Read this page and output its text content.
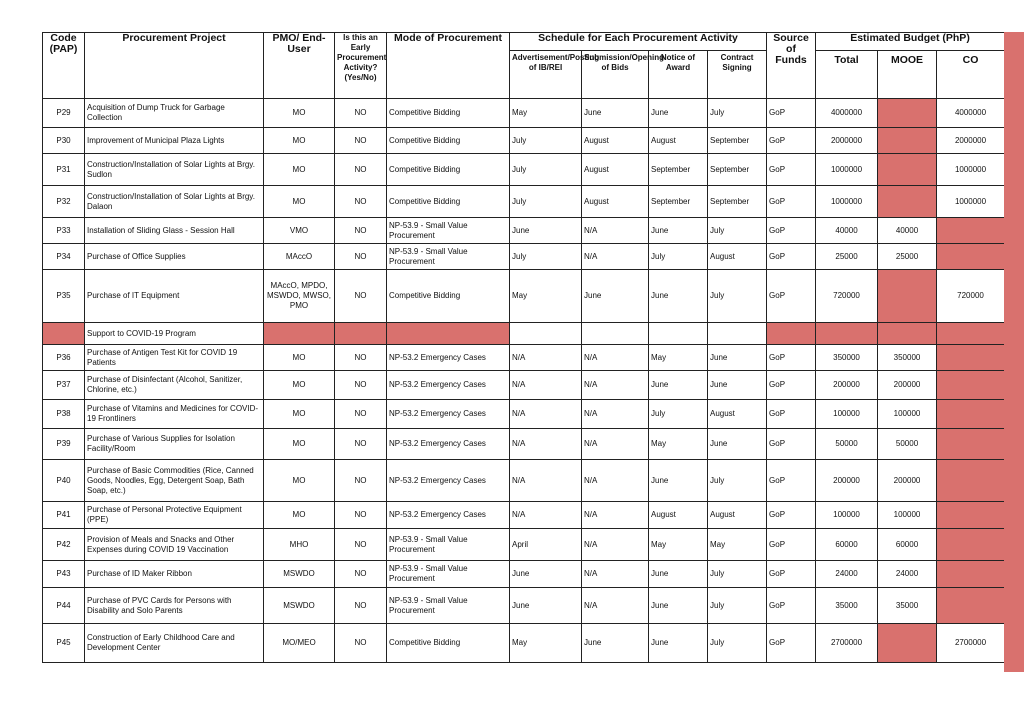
Code (PAP)	Procurement Project	PMO/ End-User	Is this an Early Procurement Activity? (Yes/No)	Mode of Procurement	Schedule for Each Procurement Activity				Source of Funds	Estimated Budget (PhP)		
					Advertisement/Posting of IB/REI	Submission/Opening of Bids	Notice of Award	Contract Signing		Total	MOOE	CO
P29	Acquisition of Dump Truck for Garbage Collection	MO	NO	Competitive Bidding	May	June	June	July	GoP	4000000		4000000
P30	Improvement of Municipal Plaza Lights	MO	NO	Competitive Bidding	July	August	August	September	GoP	2000000		2000000
P31	Construction/Installation of Solar Lights at Brgy. Sudlon	MO	NO	Competitive Bidding	July	August	September	September	GoP	1000000		1000000
P32	Construction/Installation of Solar Lights at Brgy. Dalaon	MO	NO	Competitive Bidding	July	August	September	September	GoP	1000000		1000000
P33	Installation of Sliding Glass - Session Hall	VMO	NO	NP-53.9 - Small Value Procurement	June	N/A	June	July	GoP	40000	40000	
P34	Purchase of Office Supplies	MAccO	NO	NP-53.9 - Small Value Procurement	July	N/A	July	August	GoP	25000	25000	
P35	Purchase of IT Equipment	MAccO, MPDO, MSWDO, MWSO, PMO	NO	Competitive Bidding	May	June	June	July	GoP	720000		720000
	Support to COVID-19 Program											
P36	Purchase of Antigen Test Kit for COVID 19 Patients	MO	NO	NP-53.2 Emergency Cases	N/A	N/A	May	June	GoP	350000	350000	
P37	Purchase of Disinfectant (Alcohol, Sanitizer, Chlorine, etc.)	MO	NO	NP-53.2 Emergency Cases	N/A	N/A	June	June	GoP	200000	200000	
P38	Purchase of Vitamins and Medicines for COVID-19 Frontliners	MO	NO	NP-53.2 Emergency Cases	N/A	N/A	July	August	GoP	100000	100000	
P39	Purchase of Various Supplies for Isolation Facility/Room	MO	NO	NP-53.2 Emergency Cases	N/A	N/A	May	June	GoP	50000	50000	
P40	Purchase of Basic Commodities (Rice, Canned Goods, Noodles, Egg, Detergent Soap, Bath Soap, etc.)	MO	NO	NP-53.2 Emergency Cases	N/A	N/A	June	July	GoP	200000	200000	
P41	Purchase of Personal Protective Equipment (PPE)	MO	NO	NP-53.2 Emergency Cases	N/A	N/A	August	August	GoP	100000	100000	
P42	Provision of Meals and Snacks and Other Expenses during COVID 19 Vaccination	MHO	NO	NP-53.9 - Small Value Procurement	April	N/A	May	May	GoP	60000	60000	
P43	Purchase of ID Maker Ribbon	MSWDO	NO	NP-53.9 - Small Value Procurement	June	N/A	June	July	GoP	24000	24000	
P44	Purchase of PVC Cards for Persons with Disability and Solo Parents	MSWDO	NO	NP-53.9 - Small Value Procurement	June	N/A	June	July	GoP	35000	35000	
P45	Construction of Early Childhood Care and Development Center	MO/MEO	NO	Competitive Bidding	May	June	June	July	GoP	2700000		2700000
